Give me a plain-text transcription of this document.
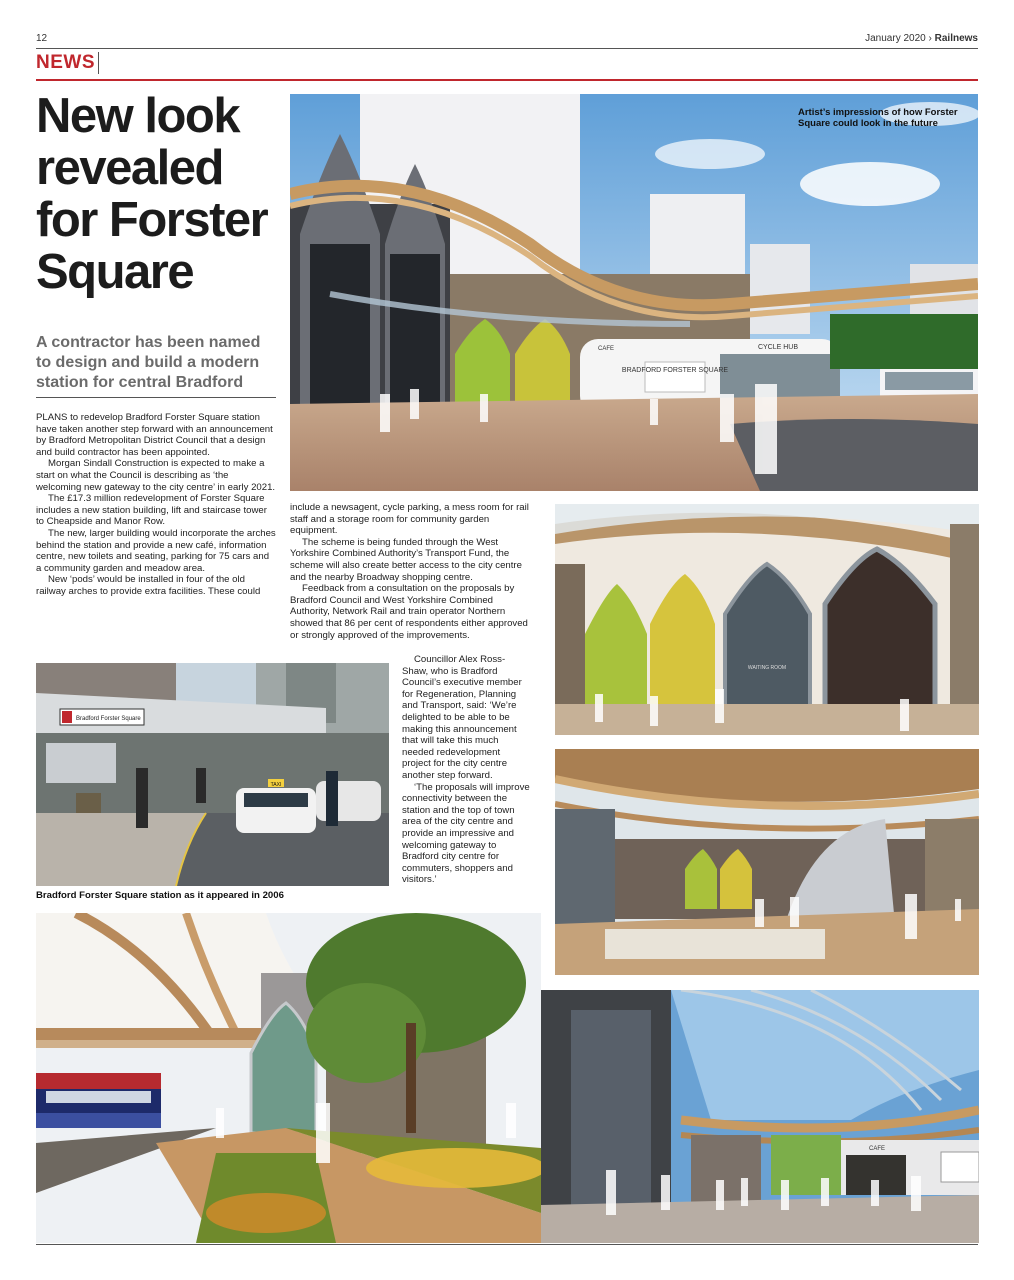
12	January 2020 › Railnews
NEWS
New look revealed for Forster Square
A contractor has been named to design and build a modern station for central Bradford

PLANS to redevelop Bradford Forster Square station have taken another step forward with an announcement by Bradford Metropolitan District Council that a design and build contractor has been appointed.

Morgan Sindall Construction is expected to make a start on what the Council is describing as ‘the welcoming new gateway to the city centre’ in early 2021.

The £17.3 million redevelopment of Forster Square includes a new station building, lift and staircase tower to Cheapside and Manor Row.

The new, larger building would incorporate the arches behind the station and provide a new café, information centre, new toilets and seating, parking for 75 cars and a community garden and meadow area.

New ‘pods’ would be installed in four of the old railway arches to provide extra facilities. These could

include a newsagent, cycle parking, a mess room for rail staff and a storage room for community garden equipment.

The scheme is being funded through the West Yorkshire Combined Authority’s Transport Fund, the scheme will also create better access to the city centre and the nearby Broadway shopping centre.

Feedback from a consultation on the proposals by Bradford Council and West Yorkshire Combined Authority, Network Rail and train operator Northern showed that 86 per cent of respondents either approved or strongly approved of the improvements.

Councillor Alex Ross-Shaw, who is Bradford Council’s executive member for Regeneration, Planning and Transport, said: ‘We’re delighted to be able to be making this announcement that will take this much needed redevelopment project for the city centre another step forward.

‘The proposals will improve connectivity between the station and the top of town area of the city centre and provide an impressive and welcoming gateway to Bradford city centre for commuters, shoppers and visitors.’

BRADFORD FORSTER SQUARE
CYCLE HUB
CAFE
Artist’s impressions of how Forster Square could look in the future
Bradford Forster Square
TAXI
Bradford Forster Square station as it appeared in 2006
WAITING ROOM
CAFE
